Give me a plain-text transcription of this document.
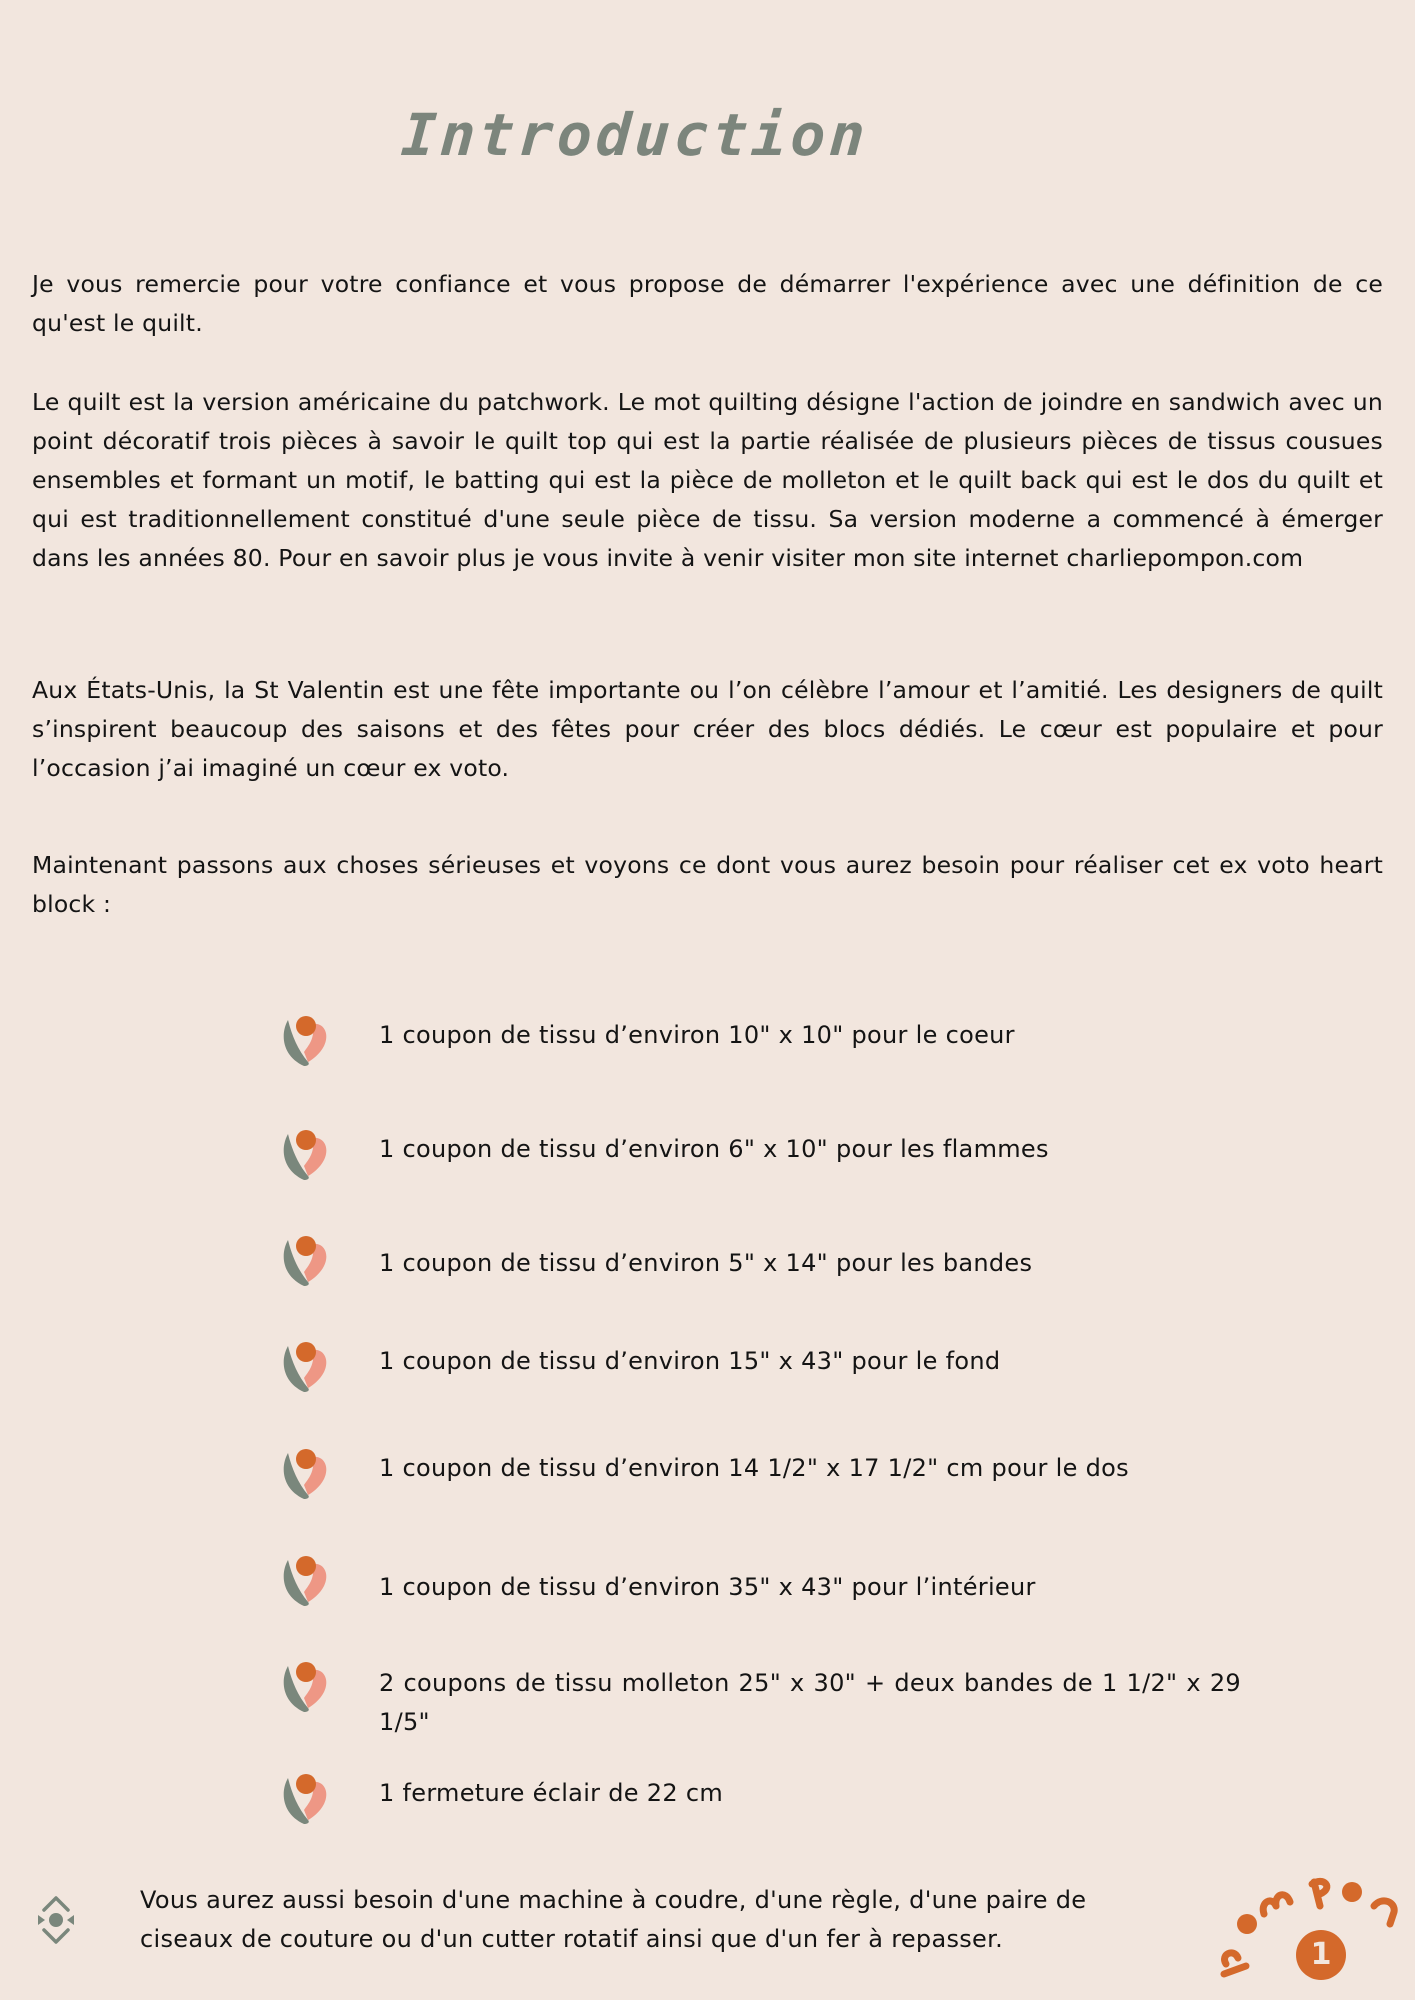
Introduction

Je vous remercie pour votre confiance et vous propose de démarrer l'expérience avec une définition de ce qu'est le quilt.

Le quilt est la version américaine du patchwork. Le mot quilting désigne l'action de joindre en sandwich avec un point décoratif trois pièces à savoir le quilt top qui est la partie réalisée de plusieurs pièces de tissus cousues ensembles et formant un motif, le batting qui est la pièce de molleton et le quilt back qui est le dos du quilt et qui est traditionnellement constitué d'une seule pièce de tissu. Sa version moderne a commencé à émerger dans les années 80. Pour en savoir plus je vous invite à venir visiter mon site internet charliepompon.com

Aux États-Unis, la St Valentin est une fête importante ou l’on célèbre l’amour et l’amitié. Les designers de quilt s’inspirent beaucoup des saisons et des fêtes pour créer des blocs dédiés. Le cœur est populaire et pour l’occasion j’ai imaginé un cœur ex voto.

Maintenant passons aux choses sérieuses et voyons ce dont vous aurez besoin pour réaliser cet ex voto heart block :

1 coupon de tissu d’environ 10" x 10" pour le coeur
1 coupon de tissu d’environ 6" x 10" pour les flammes
1 coupon de tissu d’environ 5" x 14" pour les bandes
1 coupon de tissu d’environ 15" x 43" pour le fond
1 coupon de tissu d’environ 14 1/2" x 17 1/2" cm pour le dos
1 coupon de tissu d’environ 35" x 43" pour l’intérieur
2 coupons de tissu molleton 25" x 30" + deux bandes de 1 1/2" x 29 1/5"
1 fermeture éclair de 22 cm

Vous aurez aussi besoin d'une machine à coudre, d'une règle, d'une paire de ciseaux de couture ou d'un cutter rotatif ainsi que d'un fer à repasser.	1
